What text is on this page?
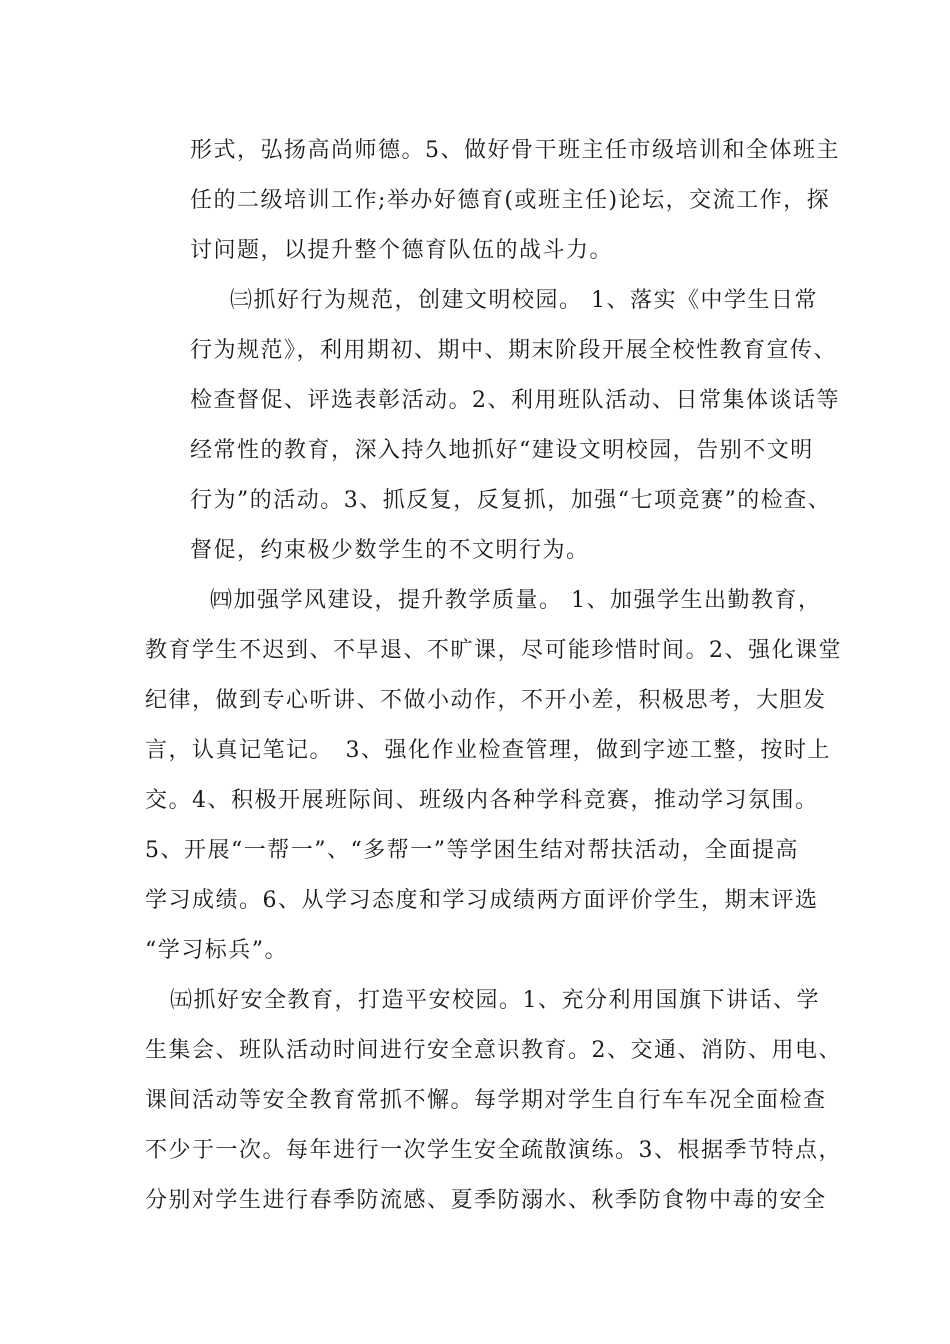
形式，弘扬高尚师德。5、做好骨干班主任市级培训和全体班主
任的二级培训工作;举办好德育(或班主任)论坛，交流工作，探
讨问题，以提升整个德育队伍的战斗力。
㈢抓好行为规范，创建文明校园。 1、落实《中学生日常
行为规范》，利用期初、期中、期末阶段开展全校性教育宣传、
检查督促、评选表彰活动。2、利用班队活动、日常集体谈话等
经常性的教育，深入持久地抓好“建设文明校园，告别不文明
行为”的活动。3、抓反复，反复抓，加强“七项竞赛”的检查、
督促，约束极少数学生的不文明行为。
㈣加强学风建设，提升教学质量。 1、加强学生出勤教育，
教育学生不迟到、不早退、不旷课，尽可能珍惜时间。2、强化课堂
纪律，做到专心听讲、不做小动作，不开小差，积极思考，大胆发
言，认真记笔记。　3、强化作业检查管理，做到字迹工整，按时上
交。4、积极开展班际间、班级内各种学科竞赛，推动学习氛围。
5、开展“一帮一”、“多帮一”等学困生结对帮扶活动，全面提高
学习成绩。6、从学习态度和学习成绩两方面评价学生，期末评选
“学习标兵”。
㈤抓好安全教育，打造平安校园。1、充分利用国旗下讲话、学
生集会、班队活动时间进行安全意识教育。2、交通、消防、用电、
课间活动等安全教育常抓不懈。每学期对学生自行车车况全面检查
不少于一次。每年进行一次学生安全疏散演练。3、根据季节特点，
分别对学生进行春季防流感、夏季防溺水、秋季防食物中毒的安全
